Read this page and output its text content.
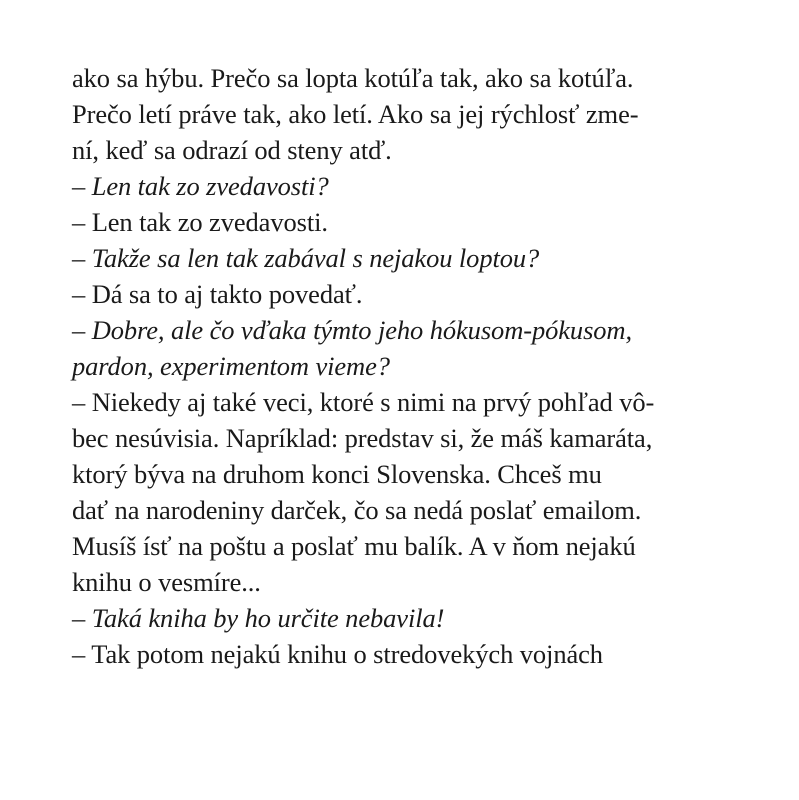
ako sa hýbu. Prečo sa lopta kotúľa tak, ako sa kotúľa.
Prečo letí práve tak, ako letí. Ako sa jej rýchlosť zme-
ní, keď sa odrazí od steny atď.
– Len tak zo zvedavosti?
– Len tak zo zvedavosti.
– Takže sa len tak zabával s nejakou loptou?
– Dá sa to aj takto povedať.
– Dobre, ale čo vďaka týmto jeho hókusom-pókusom,
pardon, experimentom vieme?
– Niekedy aj také veci, ktoré s nimi na prvý pohľad vô-
bec nesúvisia. Napríklad: predstav si, že máš kamaráta,
ktorý býva na druhom konci Slovenska. Chceš mu
dať na narodeniny darček, čo sa nedá poslať emailom.
Musíš ísť na poštu a poslať mu balík. A v ňom nejakú
knihu o vesmíre...
– Taká kniha by ho určite nebavila!
– Tak potom nejakú knihu o stredovekých vojnách
